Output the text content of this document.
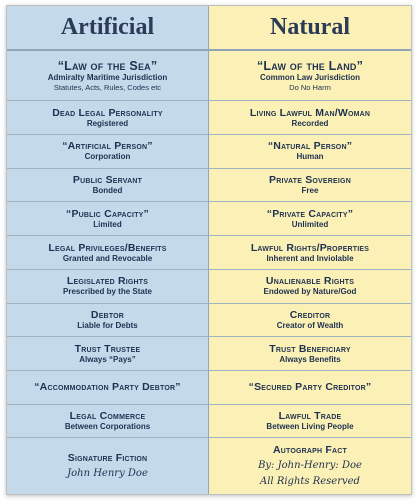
Artificial
“Law of the Sea”
Admiralty Maritime Jurisdiction
Statutes, Acts, Rules, Codes etc
Dead Legal Personality
Registered
“Artificial Person”
Corporation
Public Servant
Bonded
“Public Capacity”
Limited
Legal Privileges/Benefits
Granted and Revocable
Legislated Rights
Prescribed by the State
Debtor
Liable for Debts
Trust Trustee
Always “Pays”
“Accommodation Party Debtor”
Legal Commerce
Between Corporations
Signature Fiction
John Henry Doe
Natural
“Law of the Land”
Common Law Jurisdiction
Do No Harm
Living Lawful Man/Woman
Recorded
“Natural Person”
Human
Private Sovereign
Free
“Private Capacity”
Unlimited
Lawful Rights/Properties
Inherent and Inviolable
Unalienable Rights
Endowed by Nature/God
Creditor
Creator of Wealth
Trust Beneficiary
Always Benefits
“Secured Party Creditor”
Lawful Trade
Between Living People
Autograph Fact
By: John-Henry: Doe
All Rights Reserved
